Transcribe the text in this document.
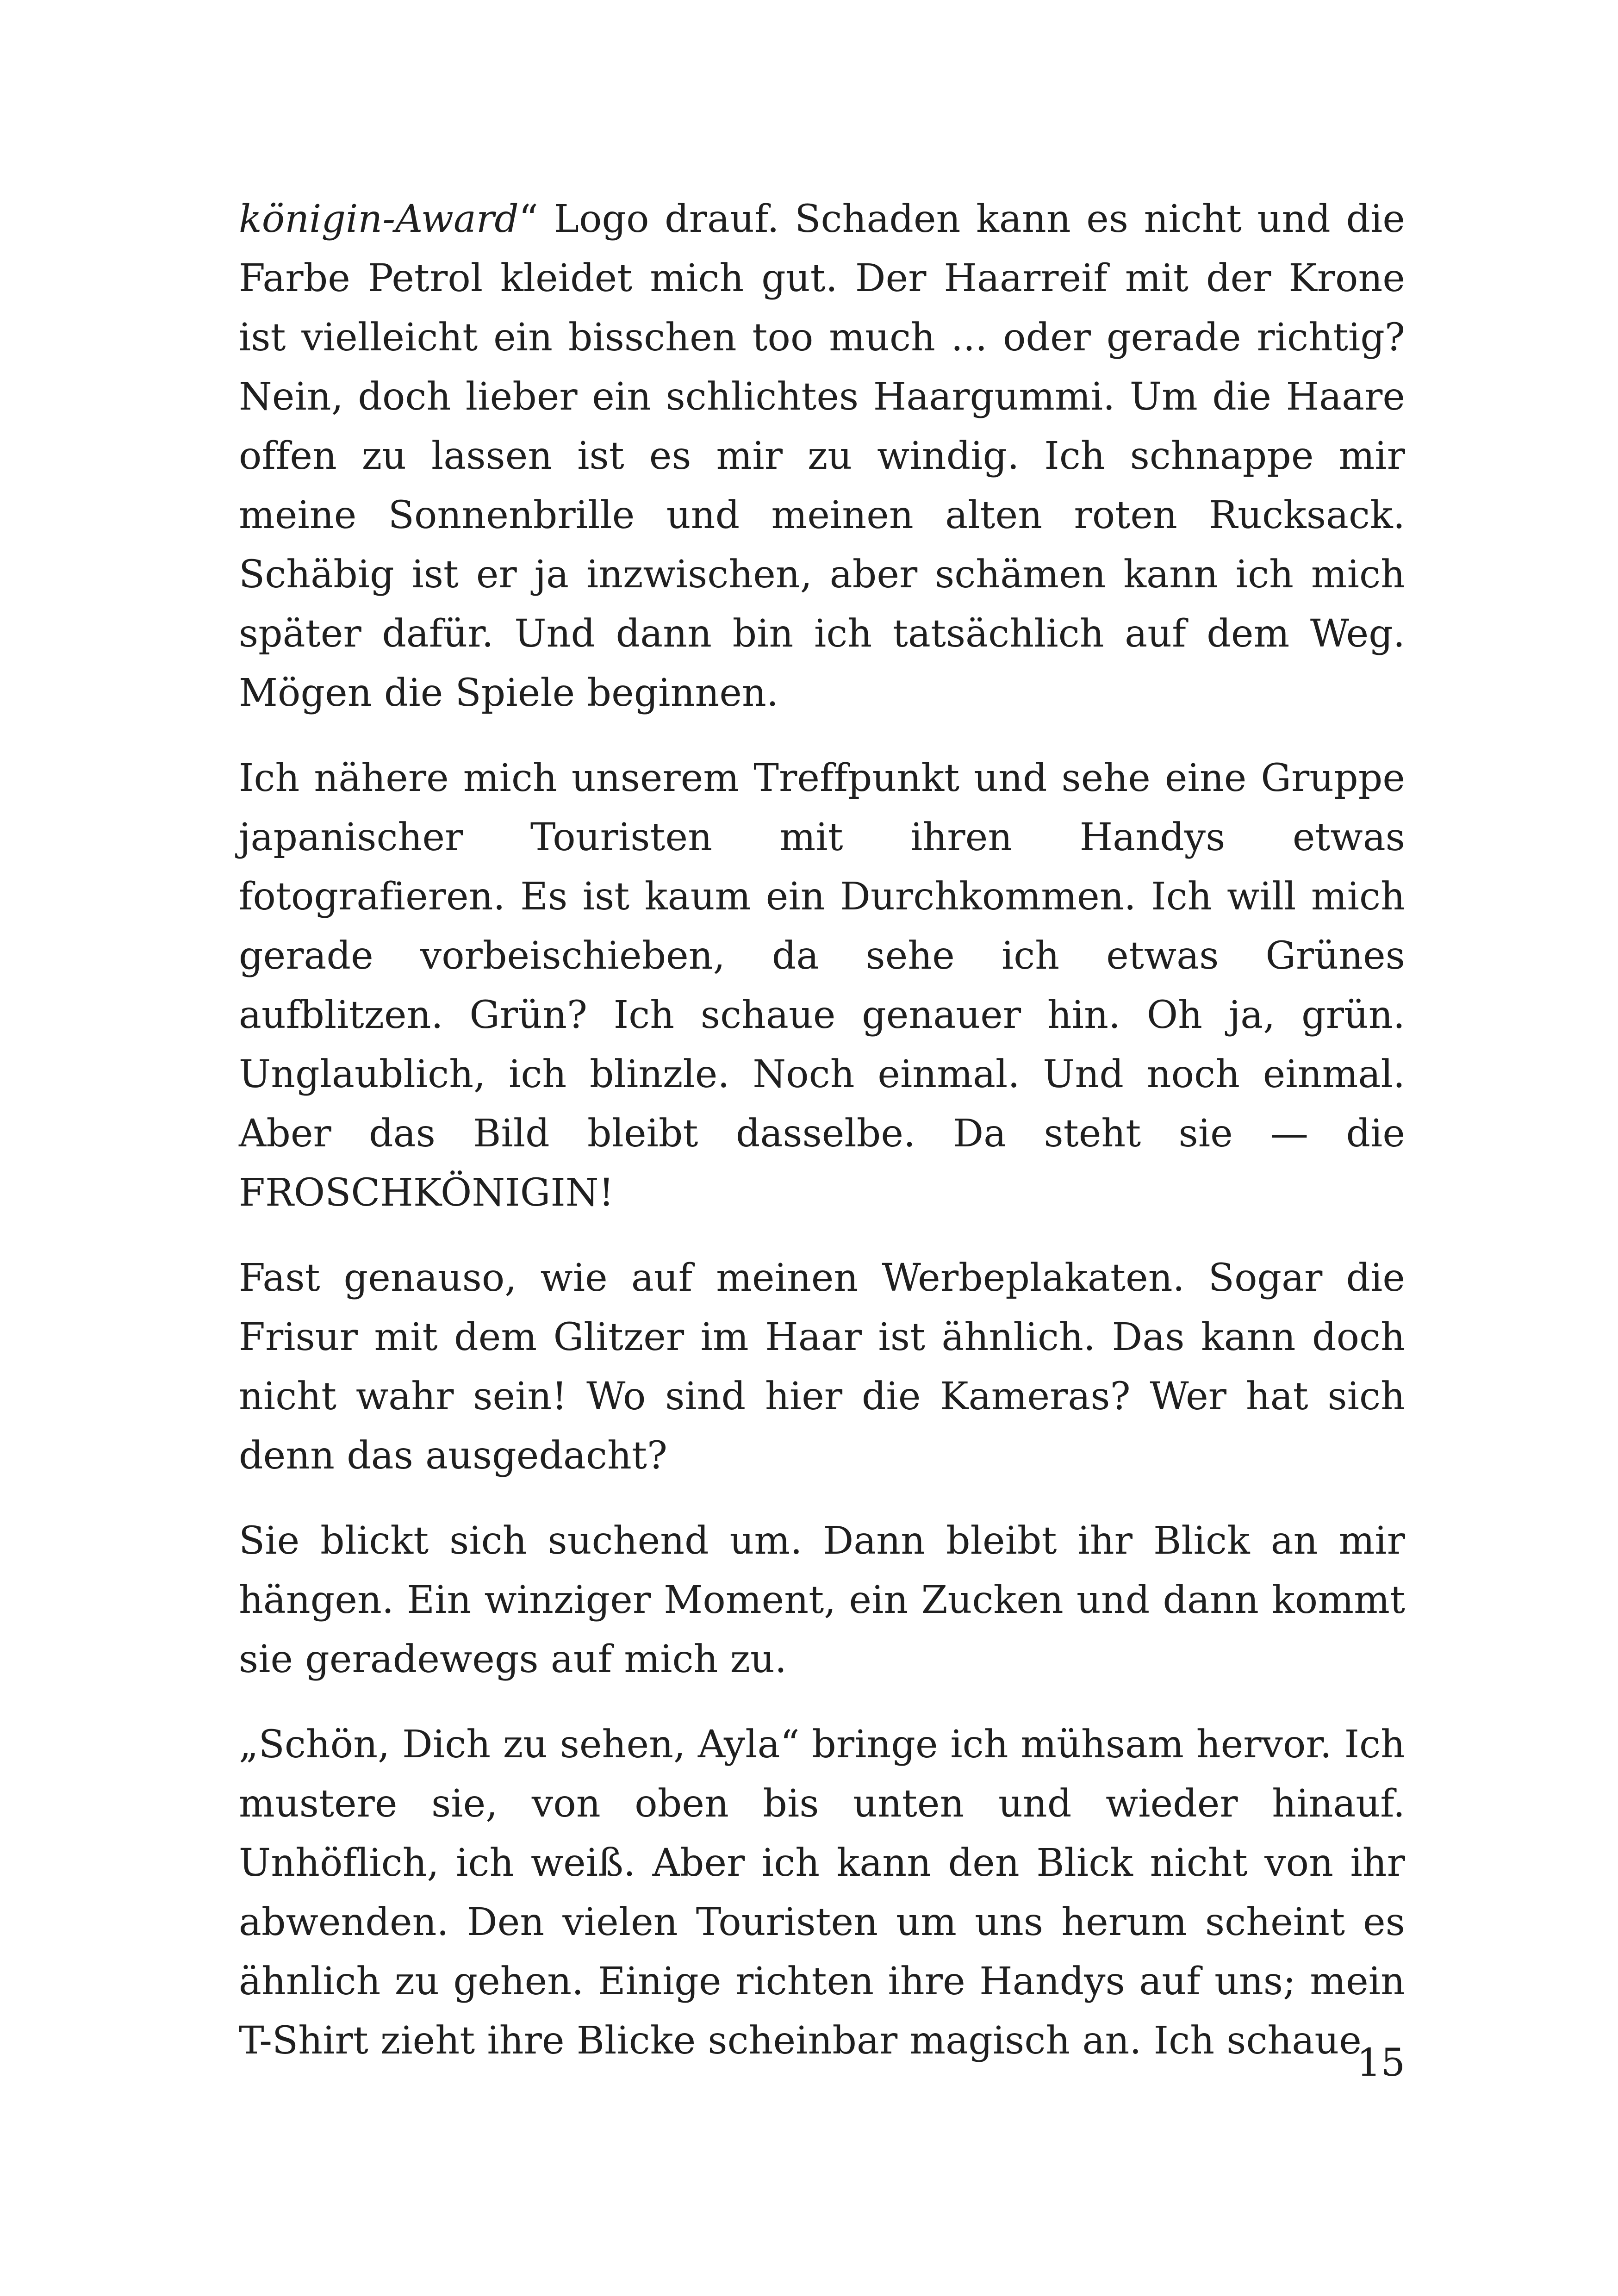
königin-Award“ Logo drauf. Schaden kann es nicht und die Farbe Petrol kleidet mich gut. Der Haarreif mit der Krone ist vielleicht ein bisschen too much ... oder gerade richtig? Nein, doch lieber ein schlichtes Haargummi. Um die Haare offen zu lassen ist es mir zu windig. Ich schnappe mir meine Sonnenbrille und meinen alten roten Rucksack. Schäbig ist er ja inzwischen, aber schämen kann ich mich später dafür. Und dann bin ich tatsächlich auf dem Weg. Mögen die Spiele beginnen.

Ich nähere mich unserem Treffpunkt und sehe eine Gruppe japanischer Touristen mit ihren Handys etwas fotografieren. Es ist kaum ein Durchkommen. Ich will mich gerade vorbeischieben, da sehe ich etwas Grünes aufblitzen. Grün? Ich schaue genauer hin. Oh ja, grün. Unglaublich, ich blinzle. Noch einmal. Und noch einmal. Aber das Bild bleibt dasselbe. Da steht sie — die FROSCHKÖNIGIN!

Fast genauso, wie auf meinen Werbeplakaten. Sogar die Frisur mit dem Glitzer im Haar ist ähnlich. Das kann doch nicht wahr sein! Wo sind hier die Kameras? Wer hat sich denn das ausgedacht?

Sie blickt sich suchend um. Dann bleibt ihr Blick an mir hängen. Ein winziger Moment, ein Zucken und dann kommt sie geradewegs auf mich zu.

„Schön, Dich zu sehen, Ayla“ bringe ich mühsam hervor. Ich mustere sie, von oben bis unten und wieder hinauf. Unhöflich, ich weiß. Aber ich kann den Blick nicht von ihr abwenden. Den vielen Touristen um uns herum scheint es ähnlich zu gehen. Einige richten ihre Handys auf uns; mein T-Shirt zieht ihre Blicke scheinbar magisch an. Ich schaue

15
